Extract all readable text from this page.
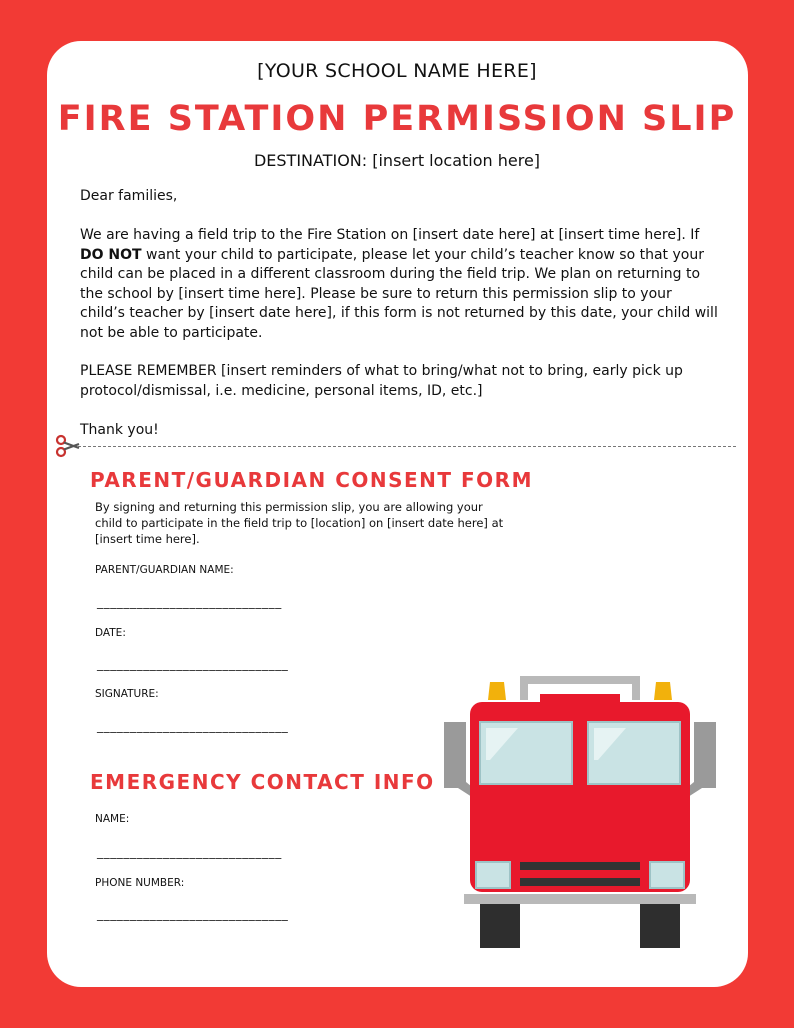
[YOUR SCHOOL NAME HERE]
FIRE STATION PERMISSION SLIP
DESTINATION: [insert location here]
Dear families,
We are having a field trip to the Fire Station on [insert date here] at [insert time here]. If DO NOT want your child to participate, please let your child’s teacher know so that your child can be placed in a different classroom during the field trip. We plan on returning to the school by [insert time here]. Please be sure to return this permission slip to your child’s teacher by [insert date here], if this form is not returned by this date, your child will not be able to participate.
PLEASE REMEMBER [insert reminders of what to bring/what not to bring, early pick up protocol/dismissal, i.e. medicine, personal items, ID, etc.]
Thank you!
PARENT/GUARDIAN CONSENT FORM
By signing and returning this permission slip, you are allowing your child to participate in the field trip to [location] on [insert date here] at [insert time here].
PARENT/GUARDIAN NAME:
____________________________
DATE:
_____________________________
SIGNATURE:
_____________________________
EMERGENCY CONTACT INFO
NAME:
____________________________
PHONE NUMBER:
_____________________________
